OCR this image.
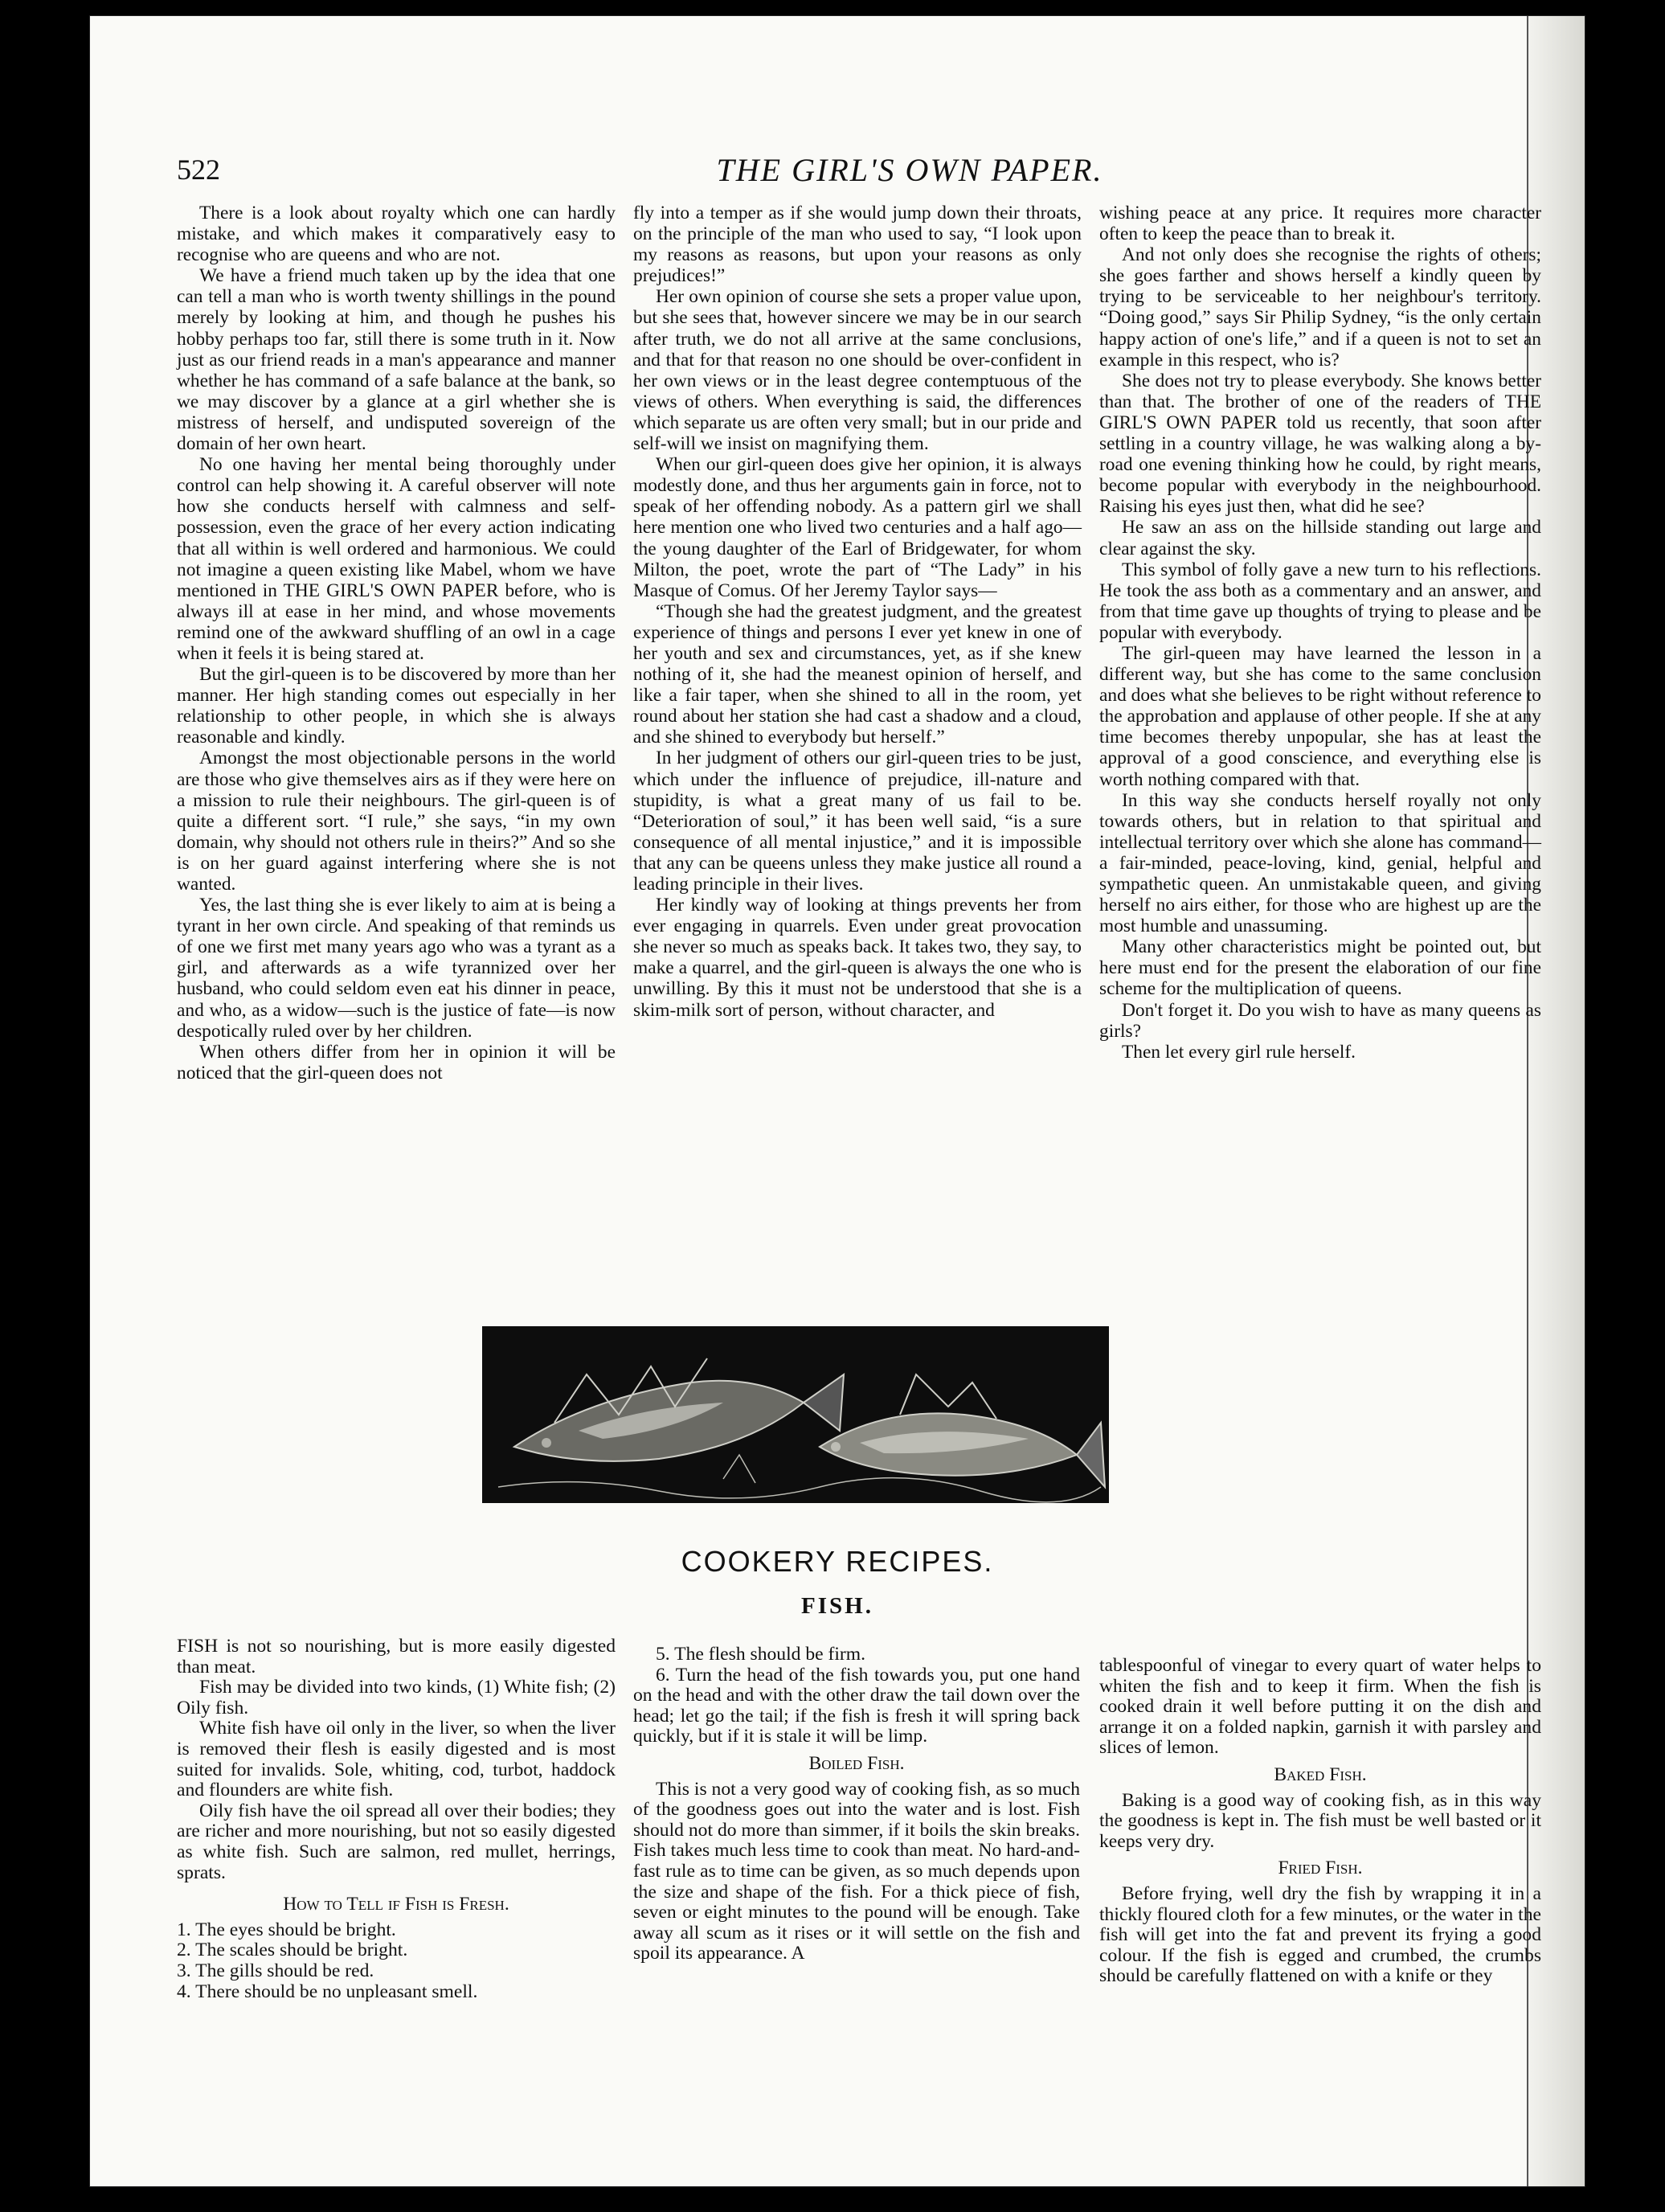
522	THE GIRL'S OWN PAPER.

There is a look about royalty which one can hardly mistake, and which makes it comparatively easy to recognise who are queens and who are not.

We have a friend much taken up by the idea that one can tell a man who is worth twenty shillings in the pound merely by looking at him, and though he pushes his hobby perhaps too far, still there is some truth in it. Now just as our friend reads in a man's appearance and manner whether he has command of a safe balance at the bank, so we may discover by a glance at a girl whether she is mistress of herself, and undisputed sovereign of the domain of her own heart.

No one having her mental being thoroughly under control can help showing it. A careful observer will note how she conducts herself with calmness and self-possession, even the grace of her every action indicating that all within is well ordered and harmonious. We could not imagine a queen existing like Mabel, whom we have mentioned in THE GIRL'S OWN PAPER before, who is always ill at ease in her mind, and whose movements remind one of the awkward shuffling of an owl in a cage when it feels it is being stared at.

But the girl-queen is to be discovered by more than her manner. Her high standing comes out especially in her relationship to other people, in which she is always reasonable and kindly.

Amongst the most objectionable persons in the world are those who give themselves airs as if they were here on a mission to rule their neighbours. The girl-queen is of quite a different sort. “I rule,” she says, “in my own domain, why should not others rule in theirs?” And so she is on her guard against interfering where she is not wanted.

Yes, the last thing she is ever likely to aim at is being a tyrant in her own circle. And speaking of that reminds us of one we first met many years ago who was a tyrant as a girl, and afterwards as a wife tyrannized over her husband, who could seldom even eat his dinner in peace, and who, as a widow—such is the justice of fate—is now despotically ruled over by her children.

When others differ from her in opinion it will be noticed that the girl-queen does not

fly into a temper as if she would jump down their throats, on the principle of the man who used to say, “I look upon my reasons as reasons, but upon your reasons as only prejudices!”

Her own opinion of course she sets a proper value upon, but she sees that, however sincere we may be in our search after truth, we do not all arrive at the same conclusions, and that for that reason no one should be over-confident in her own views or in the least degree contemptuous of the views of others. When everything is said, the differences which separate us are often very small; but in our pride and self-will we insist on magnifying them.

When our girl-queen does give her opinion, it is always modestly done, and thus her arguments gain in force, not to speak of her offending nobody. As a pattern girl we shall here mention one who lived two centuries and a half ago—the young daughter of the Earl of Bridgewater, for whom Milton, the poet, wrote the part of “The Lady” in his Masque of Comus. Of her Jeremy Taylor says—

“Though she had the greatest judgment, and the greatest experience of things and persons I ever yet knew in one of her youth and sex and circumstances, yet, as if she knew nothing of it, she had the meanest opinion of herself, and like a fair taper, when she shined to all in the room, yet round about her station she had cast a shadow and a cloud, and she shined to everybody but herself.”

In her judgment of others our girl-queen tries to be just, which under the influence of prejudice, ill-nature and stupidity, is what a great many of us fail to be. “Deterioration of soul,” it has been well said, “is a sure consequence of all mental injustice,” and it is impossible that any can be queens unless they make justice all round a leading principle in their lives.

Her kindly way of looking at things prevents her from ever engaging in quarrels. Even under great provocation she never so much as speaks back. It takes two, they say, to make a quarrel, and the girl-queen is always the one who is unwilling. By this it must not be understood that she is a skim-milk sort of person, without character, and

wishing peace at any price. It requires more character often to keep the peace than to break it.

And not only does she recognise the rights of others; she goes farther and shows herself a kindly queen by trying to be serviceable to her neighbour's territory. “Doing good,” says Sir Philip Sydney, “is the only certain happy action of one's life,” and if a queen is not to set an example in this respect, who is?

She does not try to please everybody. She knows better than that. The brother of one of the readers of THE GIRL'S OWN PAPER told us recently, that soon after settling in a country village, he was walking along a by-road one evening thinking how he could, by right means, become popular with everybody in the neighbourhood. Raising his eyes just then, what did he see?

He saw an ass on the hillside standing out large and clear against the sky.

This symbol of folly gave a new turn to his reflections. He took the ass both as a commentary and an answer, and from that time gave up thoughts of trying to please and be popular with everybody.

The girl-queen may have learned the lesson in a different way, but she has come to the same conclusion and does what she believes to be right without reference to the approbation and applause of other people. If she at any time becomes thereby unpopular, she has at least the approval of a good conscience, and everything else is worth nothing compared with that.

In this way she conducts herself royally not only towards others, but in relation to that spiritual and intellectual territory over which she alone has command—a fair-minded, peace-loving, kind, genial, helpful and sympathetic queen. An unmistakable queen, and giving herself no airs either, for those who are highest up are the most humble and unassuming.

Many other characteristics might be pointed out, but here must end for the present the elaboration of our fine scheme for the multiplication of queens.

Don't forget it. Do you wish to have as many queens as girls?

Then let every girl rule herself.

COOKERY RECIPES.
FISH.

FISH is not so nourishing, but is more easily digested than meat.

Fish may be divided into two kinds, (1) White fish; (2) Oily fish.

White fish have oil only in the liver, so when the liver is removed their flesh is easily digested and is most suited for invalids. Sole, whiting, cod, turbot, haddock and flounders are white fish.

Oily fish have the oil spread all over their bodies; they are richer and more nourishing, but not so easily digested as white fish. Such are salmon, red mullet, herrings, sprats.

How to Tell if Fish is Fresh.

1. The eyes should be bright.
2. The scales should be bright.
3. The gills should be red.
4. There should be no unpleasant smell.

5. The flesh should be firm.

6. Turn the head of the fish towards you, put one hand on the head and with the other draw the tail down over the head; let go the tail; if the fish is fresh it will spring back quickly, but if it is stale it will be limp.

Boiled Fish.

This is not a very good way of cooking fish, as so much of the goodness goes out into the water and is lost. Fish should not do more than simmer, if it boils the skin breaks. Fish takes much less time to cook than meat. No hard-and-fast rule as to time can be given, as so much depends upon the size and shape of the fish. For a thick piece of fish, seven or eight minutes to the pound will be enough. Take away all scum as it rises or it will settle on the fish and spoil its appearance. A

tablespoonful of vinegar to every quart of water helps to whiten the fish and to keep it firm. When the fish is cooked drain it well before putting it on the dish and arrange it on a folded napkin, garnish it with parsley and slices of lemon.

Baked Fish.

Baking is a good way of cooking fish, as in this way the goodness is kept in. The fish must be well basted or it keeps very dry.

Fried Fish.

Before frying, well dry the fish by wrapping it in a thickly floured cloth for a few minutes, or the water in the fish will get into the fat and prevent its frying a good colour. If the fish is egged and crumbed, the crumbs should be carefully flattened on with a knife or they
